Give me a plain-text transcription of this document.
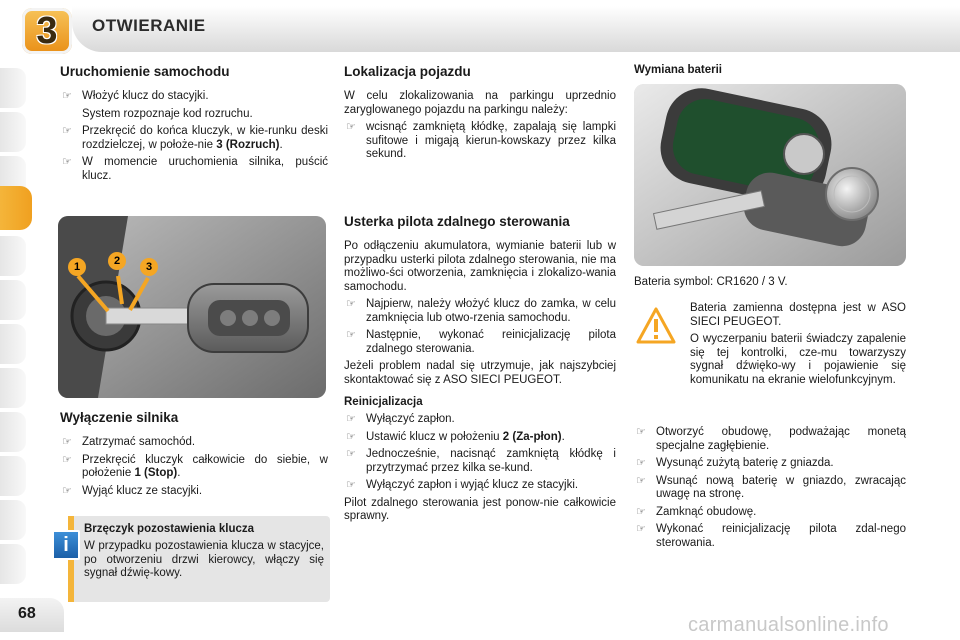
3	OTWIERANIE
Uruchomienie samochodu
☞ Włożyć klucz do stacyjki.
System rozpoznaje kod rozruchu.
☞ Przekręcić do końca kluczyk, w kie-runku deski rozdzielczej, w położe-nie 3 (Rozruch).
☞ W momencie uruchomienia silnika, puścić klucz.
1	2	3
Wyłączenie silnika
☞ Zatrzymać samochód.
☞ Przekręcić kluczyk całkowicie do siebie, w położenie 1 (Stop).
☞ Wyjąć klucz ze stacyjki.
Brzęczyk pozostawienia klucza

W przypadku pozostawienia klucza w stacyjce, po otworzeniu drzwi kierowcy, włączy się sygnał dźwię-kowy.

i
Lokalizacja pojazdu

W celu zlokalizowania na parkingu uprzednio zaryglowanego pojazdu na parkingu należy:

☞ wcisnąć zamkniętą kłódkę, zapalają się lampki sufitowe i migają kierun-kowskazy przez kilka sekund.
Usterka pilota zdalnego sterowania

Po odłączeniu akumulatora, wymianie baterii lub w przypadku usterki pilota zdalnego sterowania, nie ma możliwo-ści otworzenia, zamknięcia i zlokalizo-wania samochodu.

☞ Najpierw, należy włożyć klucz do zamka, w celu zamknięcia lub otwo-rzenia samochodu.
☞ Następnie, wykonać reinicjalizację pilota zdalnego sterowania.

Jeżeli problem nadal się utrzymuje, jak najszybciej skontaktować się z ASO SIECI PEUGEOT.

Reinicjalizacja
☞ Wyłączyć zapłon.
☞ Ustawić klucz w położeniu 2 (Za-płon).
☞ Jednocześnie, nacisnąć zamkniętą kłódkę i przytrzymać przez kilka se-kund.
☞ Wyłączyć zapłon i wyjąć klucz ze stacyjki.

Pilot zdalnego sterowania jest ponow-nie całkowicie sprawny.

Wymiana baterii

Bateria symbol: CR1620 / 3 V.

Bateria zamienna dostępna jest w ASO SIECI PEUGEOT.

O wyczerpaniu baterii świadczy zapalenie się tej kontrolki, cze-mu towarzyszy sygnał dźwięko-wy i pojawienie się komunikatu na ekranie wielofunkcyjnym.

☞ Otworzyć obudowę, podważając monetą specjalne zagłębienie.
☞ Wysunąć zużytą baterię z gniazda.
☞ Wsunąć nową baterię w gniazdo, zwracając uwagę na stronę.
☞ Zamknąć obudowę.
☞ Wykonać reinicjalizację pilota zdal-nego sterowania.
68
carmanualsonline.info
